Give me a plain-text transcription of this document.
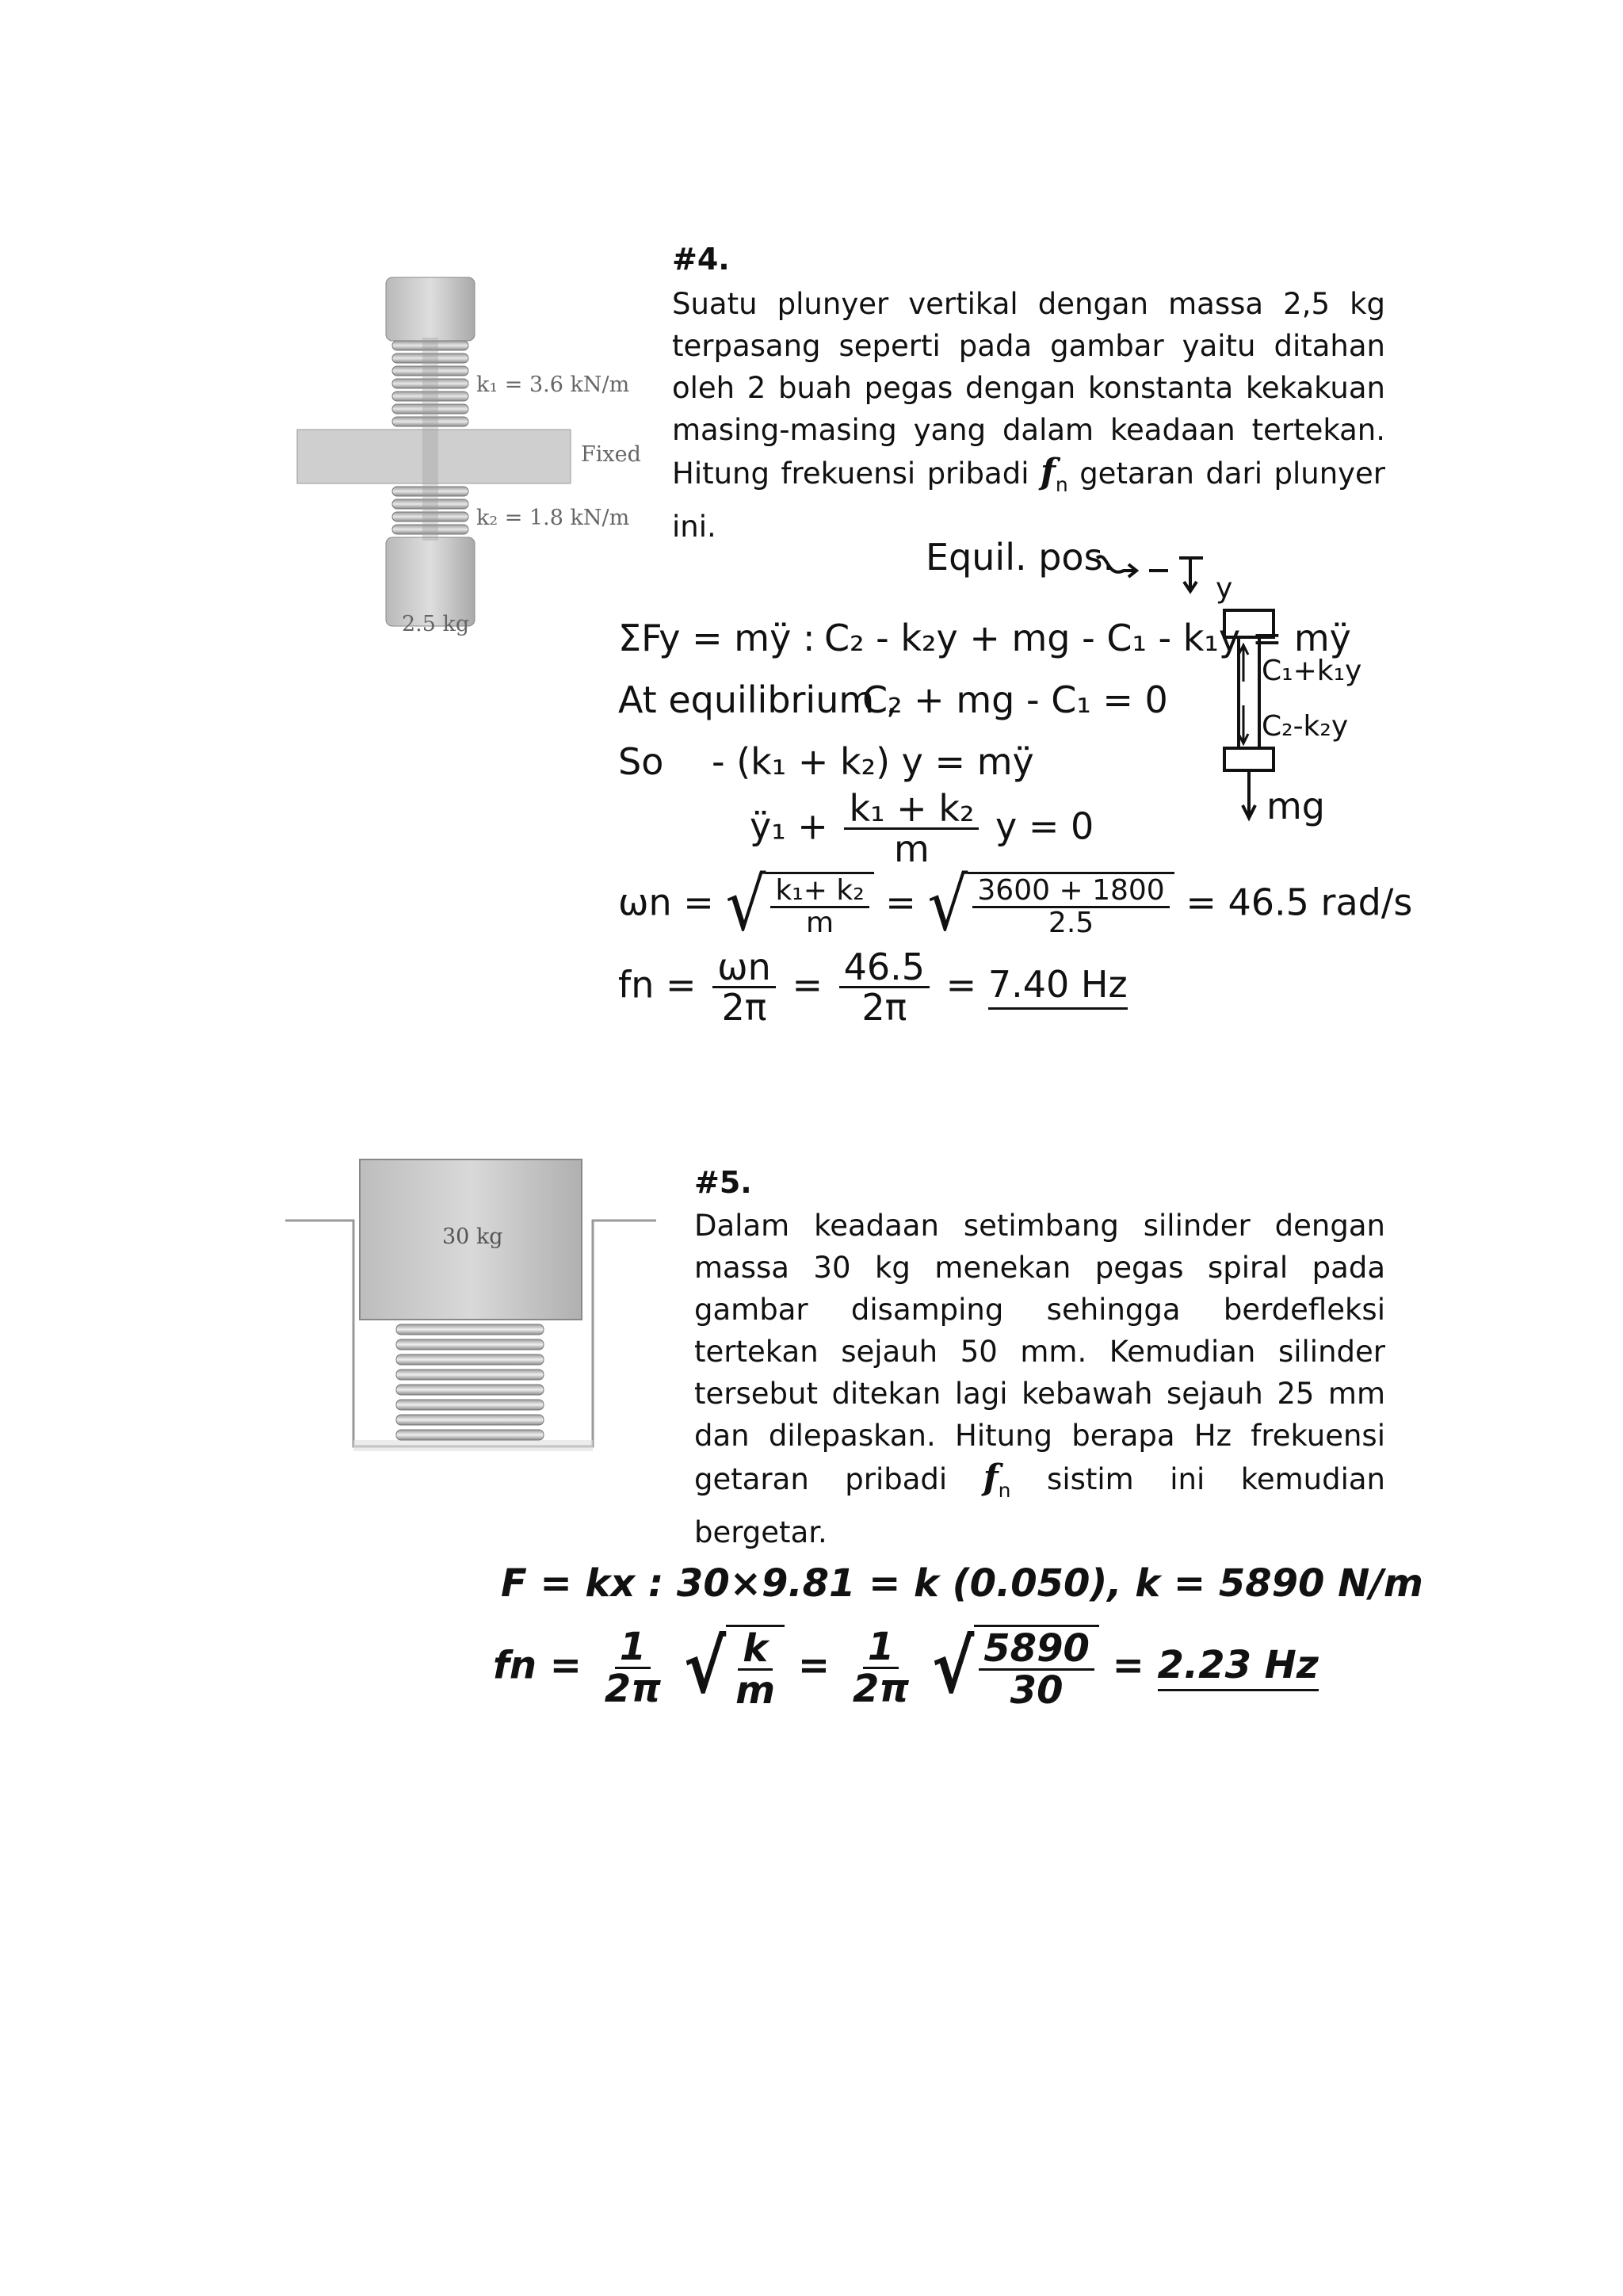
k₁ = 3.6 kN/m
Fixed
k₂ = 1.8 kN/m
2.5 kg
#4.

Suatu plunyer vertikal dengan massa 2,5 kg terpasang seperti pada gambar yaitu ditahan oleh 2 buah pegas dengan konstanta kekakuan masing-masing yang dalam keadaan tertekan. Hitung frekuensi pribadi $f_n$ getaran dari plunyer ini.

Equil. pos.
y
C₁+k₁y
C₂-k₂y
mg
ΣFy = mÿ : C₂ - k₂y + mg - C₁ - k₁y = mÿ
At equilibrium ,
C₂ + mg - C₁ = 0
So - (k₁ + k₂) y = mÿ
ÿ₁ + $\frac{\text{k₁ + k₂}}{m}$ y = 0
ωn = √ $\frac{\text{k₁+ k₂}}{m}$ = √ $\frac{3600 + 1800}{2.5} = 46.5$ rad/s
fn = $\frac{\omega n}{2\pi} = \frac{46.5}{2\pi} = 7.40$ Hz
30 kg
#5.

Dalam keadaan setimbang silinder dengan massa 30 kg menekan pegas spiral pada gambar disamping sehingga berdefleksi tertekan sejauh 50 mm. Kemudian silinder tersebut ditekan lagi kebawah sejauh 25 mm dan dilepaskan. Hitung berapa Hz frekuensi getaran pribadi $f_n$ sistim ini kemudian bergetar.

F = kx : 30×9.81 = k (0.050), k = 5890 N/m
fn = $\frac{1}{2\pi}$
√ $\frac{k}{m} = \frac{1}{2\pi}$
√ $\frac{5890}{30} = 2.23$ Hz
